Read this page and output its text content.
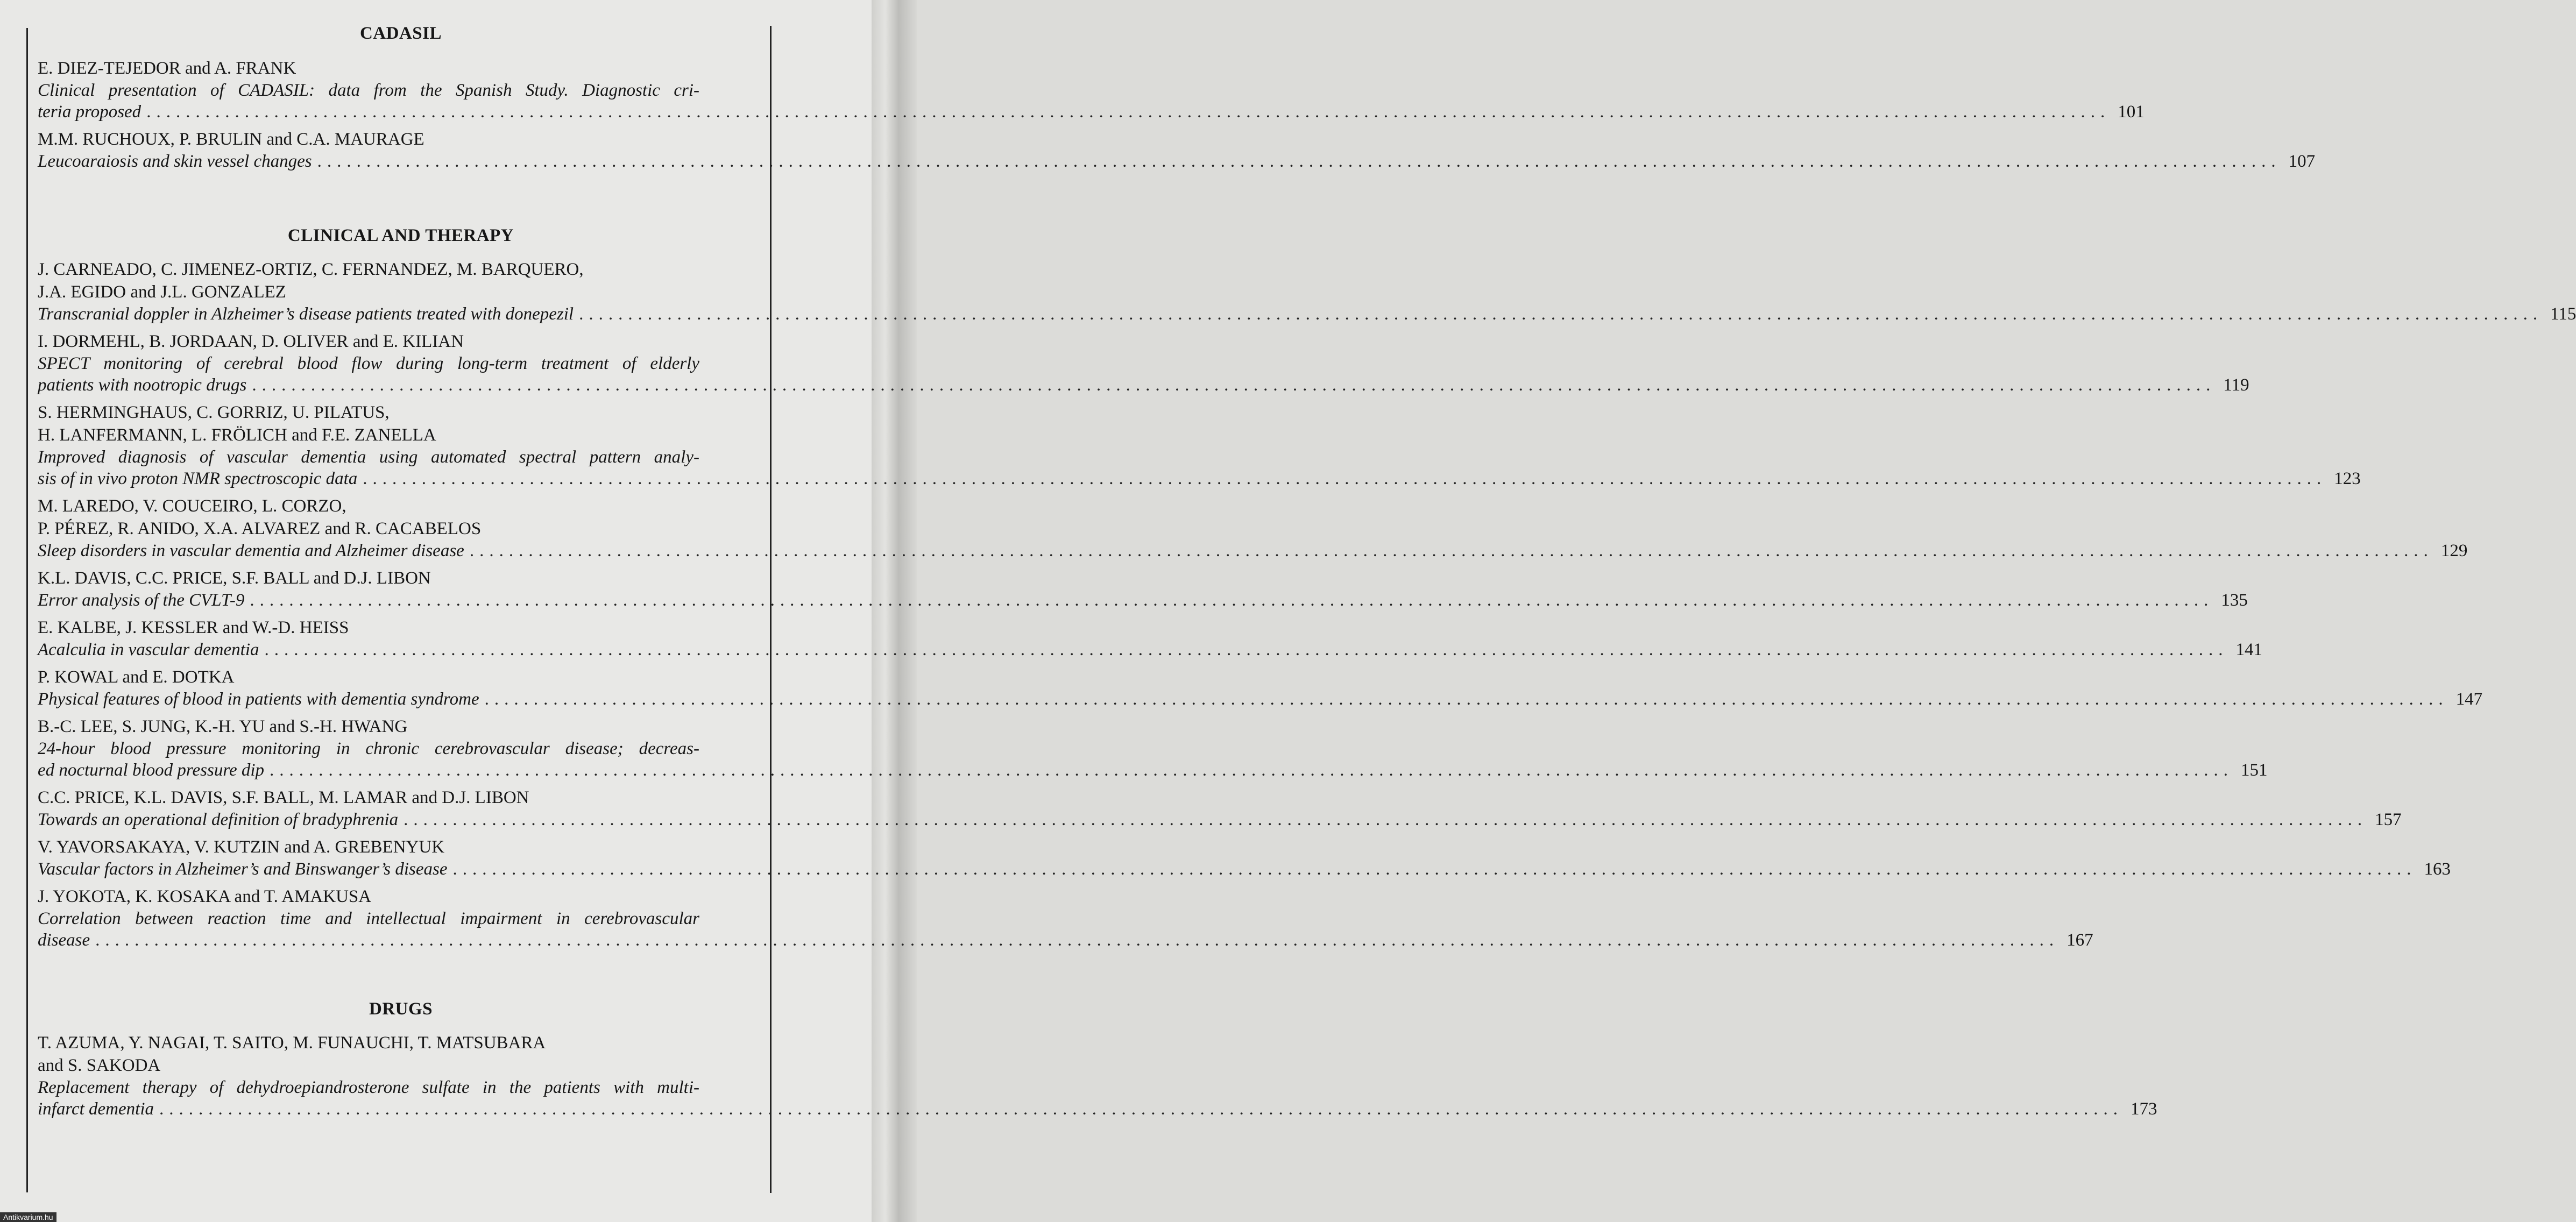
CADASIL
E. DIEZ-TEJEDOR and A. FRANK
Clinical presentation of CADASIL: data from the Spanish Study. Diagnostic cri-
teria proposed ........................................................................................................................................................................................................ 101
M.M. RUCHOUX, P. BRULIN and C.A. MAURAGE
Leucoaraiosis and skin vessel changes ........................................................................................................................................................................................................ 107
CLINICAL AND THERAPY
J. CARNEADO, C. JIMENEZ-ORTIZ, C. FERNANDEZ, M. BARQUERO,
J.A. EGIDO and J.L. GONZALEZ
Transcranial doppler in Alzheimer’s disease patients treated with donepezil ........................................................................................................................................................................................................ 115
I. DORMEHL, B. JORDAAN, D. OLIVER and E. KILIAN
SPECT monitoring of cerebral blood flow during long-term treatment of elderly
patients with nootropic drugs ........................................................................................................................................................................................................ 119
S. HERMINGHAUS, C. GORRIZ, U. PILATUS,
H. LANFERMANN, L. FRÖLICH and F.E. ZANELLA
Improved diagnosis of vascular dementia using automated spectral pattern analy-
sis of in vivo proton NMR spectroscopic data ........................................................................................................................................................................................................ 123
M. LAREDO, V. COUCEIRO, L. CORZO,
P. PÉREZ, R. ANIDO, X.A. ALVAREZ and R. CACABELOS
Sleep disorders in vascular dementia and Alzheimer disease ........................................................................................................................................................................................................ 129
K.L. DAVIS, C.C. PRICE, S.F. BALL and D.J. LIBON
Error analysis of the CVLT-9 ........................................................................................................................................................................................................ 135
E. KALBE, J. KESSLER and W.-D. HEISS
Acalculia in vascular dementia ........................................................................................................................................................................................................ 141
P. KOWAL and E. DOTKA
Physical features of blood in patients with dementia syndrome ........................................................................................................................................................................................................ 147
B.-C. LEE, S. JUNG, K.-H. YU and S.-H. HWANG
24-hour blood pressure monitoring in chronic cerebrovascular disease; decreas-
ed nocturnal blood pressure dip ........................................................................................................................................................................................................ 151
C.C. PRICE, K.L. DAVIS, S.F. BALL, M. LAMAR and D.J. LIBON
Towards an operational definition of bradyphrenia ........................................................................................................................................................................................................ 157
V. YAVORSAKAYA, V. KUTZIN and A. GREBENYUK
Vascular factors in Alzheimer’s and Binswanger’s disease ........................................................................................................................................................................................................ 163
J. YOKOTA, K. KOSAKA and T. AMAKUSA
Correlation between reaction time and intellectual impairment in cerebrovascular
disease ........................................................................................................................................................................................................ 167
DRUGS
T. AZUMA, Y. NAGAI, T. SAITO, M. FUNAUCHI, T. MATSUBARA
and S. SAKODA
Replacement therapy of dehydroepiandrosterone sulfate in the patients with multi-
infarct dementia ........................................................................................................................................................................................................ 173
Antikvarium.hu
